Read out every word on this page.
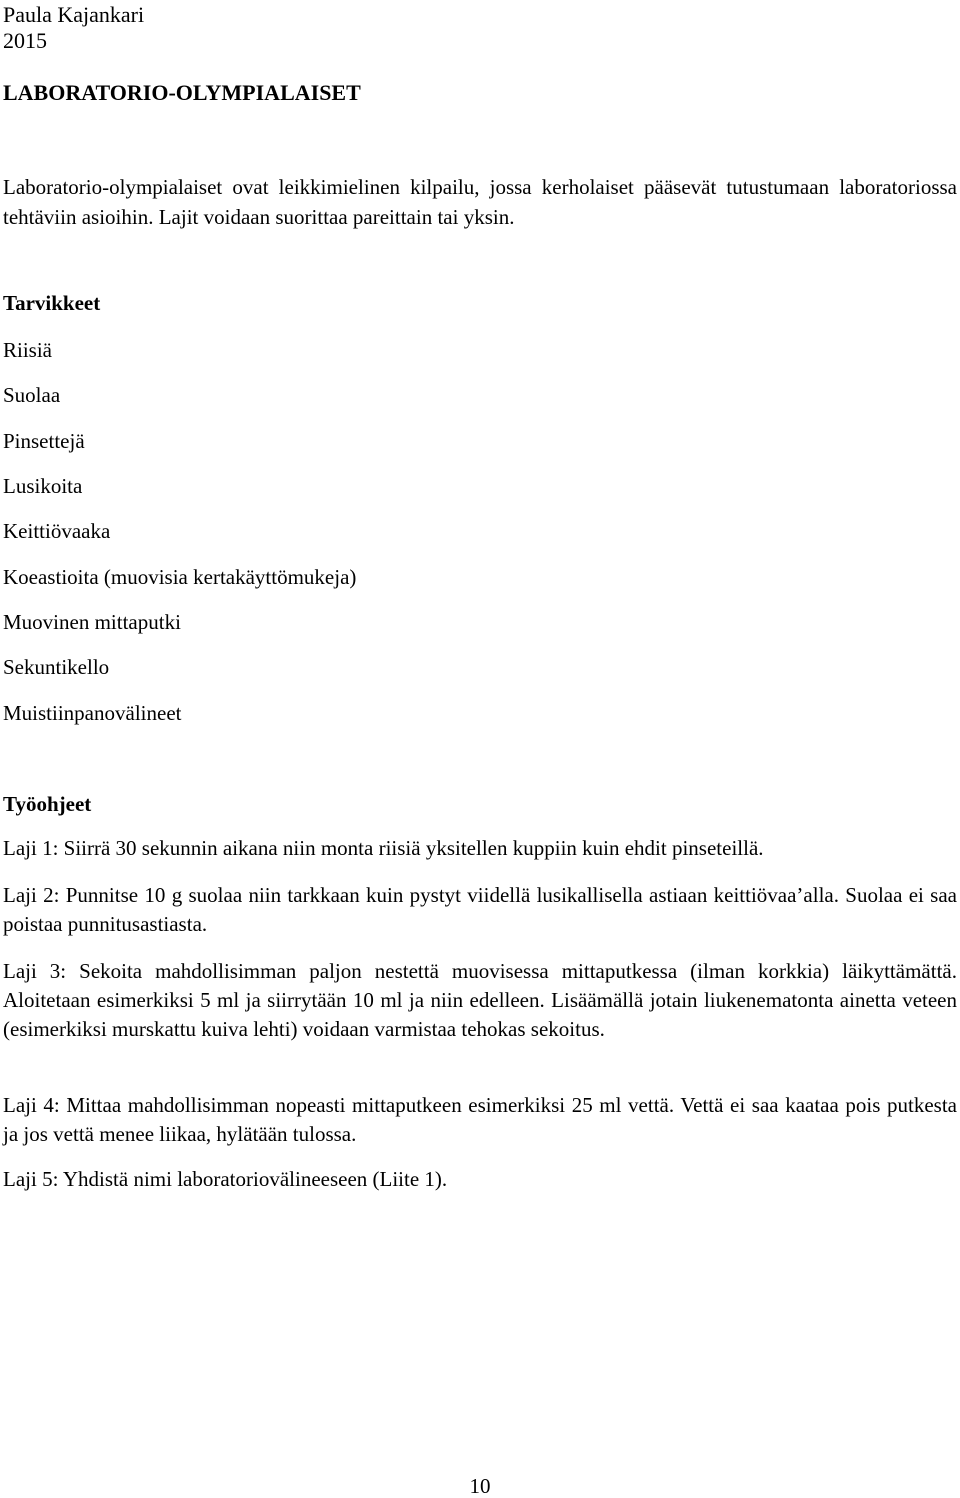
Paula Kajankari
2015
LABORATORIO-OLYMPIALAISET
Laboratorio-olympialaiset ovat leikkimielinen kilpailu, jossa kerholaiset pääsevät tutustumaan laboratoriossa tehtäviin asioihin. Lajit voidaan suorittaa pareittain tai yksin.
Tarvikkeet
Riisiä
Suolaa
Pinsettejä
Lusikoita
Keittiövaaka
Koeastioita (muovisia kertakäyttömukeja)
Muovinen mittaputki
Sekuntikello
Muistiinpanovälineet
Työohjeet
Laji 1: Siirrä 30 sekunnin aikana niin monta riisiä yksitellen kuppiin kuin ehdit pinseteillä.
Laji 2: Punnitse 10 g suolaa niin tarkkaan kuin pystyt viidellä lusikallisella astiaan keittiövaa’alla. Suolaa ei saa poistaa punnitusastiasta.
Laji 3: Sekoita mahdollisimman paljon nestettä muovisessa mittaputkessa (ilman korkkia) läikyttämättä. Aloitetaan esimerkiksi 5 ml ja siirrytään 10 ml ja niin edelleen. Lisäämällä jotain liukenematonta ainetta veteen (esimerkiksi murskattu kuiva lehti) voidaan varmistaa tehokas sekoitus.
Laji 4: Mittaa mahdollisimman nopeasti mittaputkeen esimerkiksi 25 ml vettä. Vettä ei saa kaataa pois putkesta ja jos vettä menee liikaa, hylätään tulossa.
Laji 5: Yhdistä nimi laboratoriovälineeseen (Liite 1).
10
